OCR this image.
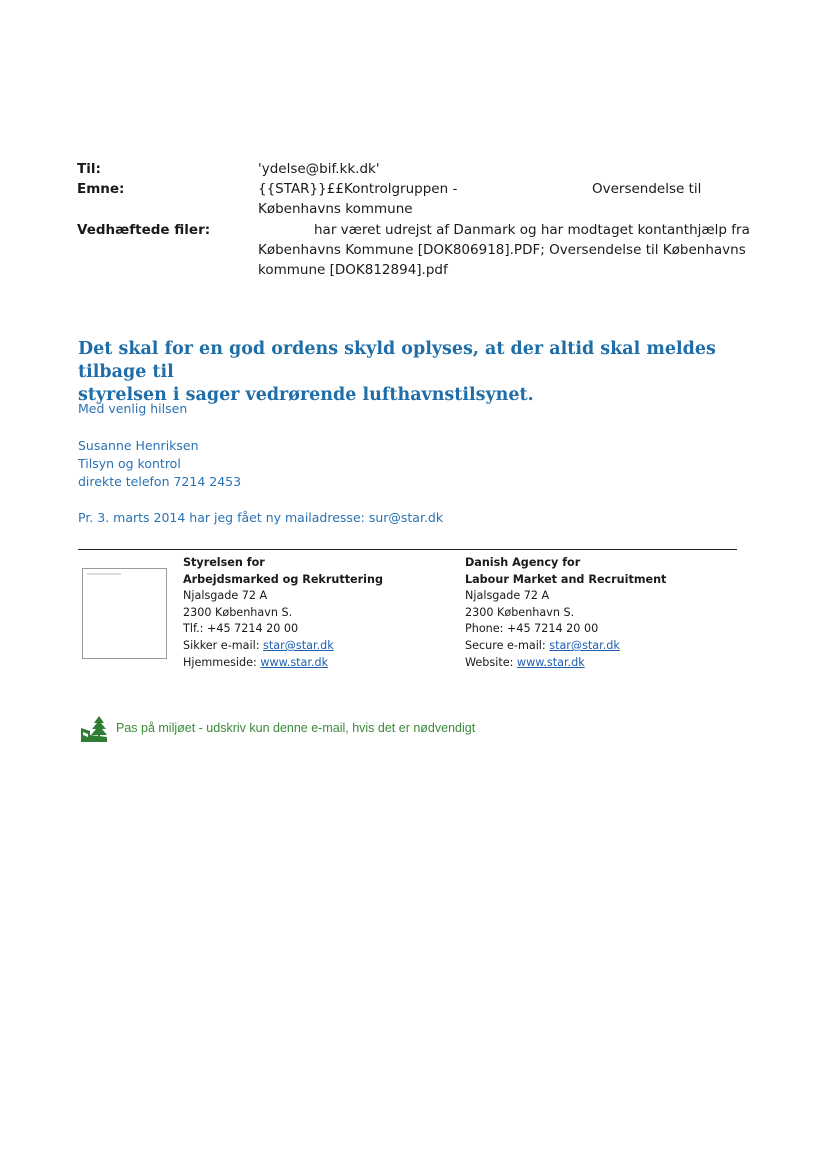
Til:	'ydelse@bif.kk.dk'
Emne:	{{STAR}}££Kontrolgruppen -	Oversendelse til
Københavns kommune
Vedhæftede filer:	har været udrejst af Danmark og har modtaget kontanthjælp fra
Københavns Kommune [DOK806918].PDF; Oversendelse til Københavns
kommune [DOK812894].pdf
Det skal for en god ordens skyld oplyses, at der altid skal meldes tilbage til
styrelsen i sager vedrørende lufthavnstilsynet.
Med venlig hilsen
Susanne Henriksen
Tilsyn og kontrol
direkte telefon 7214 2453
Pr. 3. marts 2014 har jeg fået ny mailadresse: sur@star.dk
Styrelsen for
Arbejdsmarked og Rekruttering
Njalsgade 72 A
2300 København S.
Tlf.: +45 7214 20 00
Sikker e-mail: star@star.dk
Hjemmeside: www.star.dk
Danish Agency for
Labour Market and Recruitment
Njalsgade 72 A
2300 København S.
Phone: +45 7214 20 00
Secure e-mail: star@star.dk
Website: www.star.dk
Pas på miljøet - udskriv kun denne e-mail, hvis det er nødvendigt
